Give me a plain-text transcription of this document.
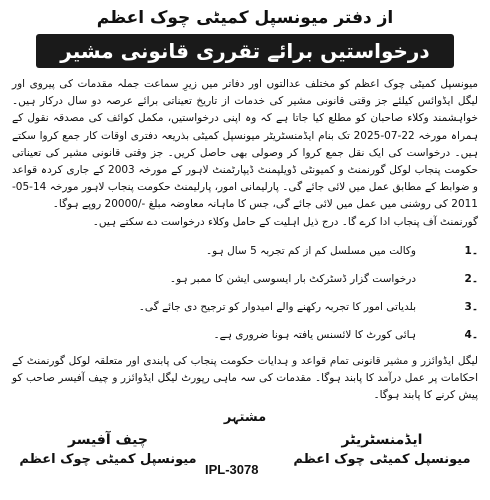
از دفتر میونسپل کمیٹی چوک اعظم
درخواستیں برائے تقرری قانونی مشیر

میونسپل کمیٹی چوک اعظم کو مختلف عدالتوں اور دفاتر میں زیرِ سماعت جملہ مقدمات کی پیروی اور لیگل ایڈوائس کیلئے جز وقتی قانونی مشیر کی خدمات از تاریخ تعیناتی برائے عرصہ دو سال درکار ہیں۔ خواہشمند وکلاء صاحبان کو مطلع کیا جاتا ہے کہ وہ اپنی درخواستیں، مکمل کوائف کی مصدقہ نقول کے ہمراہ مورخہ 22-07-2025 تک بنام ایڈمنسٹریٹر میونسپل کمیٹی بذریعہ دفتری اوقات کار جمع کروا سکتے ہیں۔ درخواست کی ایک نقل جمع کروا کر وصولی بھی حاصل کریں۔ جز وقتی قانونی مشیر کی تعیناتی حکومت پنجاب لوکل گورنمنٹ و کمیونٹی ڈویلپمنٹ ڈیپارٹمنٹ لاہور کے مورخہ 2003 کے جاری کردہ قواعد و ضوابط کے مطابق عمل میں لائی جائے گی۔ پارلیمانی امور، پارلیمنٹ حکومت پنجاب لاہور مورخہ 14-05-2011 کی روشنی میں عمل میں لائی جائے گی، جس کا ماہانہ معاوضہ مبلغ -/20000 روپے ہوگا۔

گورنمنٹ آف پنجاب ادا کرے گا۔ درج ذیل اہلیت کے حامل وکلاء درخواست دے سکتے ہیں۔

1۔
وکالت میں مسلسل کم از کم تجربہ 5 سال ہو۔
2۔
درخواست گزار ڈسٹرکٹ بار ایسوسی ایشن کا ممبر ہو۔
3۔
بلدیاتی امور کا تجربہ رکھنے والے امیدوار کو ترجیح دی جائے گی۔
4۔
ہائی کورٹ کا لائسنس یافتہ ہونا ضروری ہے۔
لیگل ایڈوائزر و مشیر قانونی تمام قواعد و ہدایات حکومت پنجاب کی پابندی اور متعلقہ لوکل گورنمنٹ کے احکامات پر عمل درآمد کا پابند ہوگا۔ مقدمات کی سہ ماہی رپورٹ لیگل ایڈوائزر و چیف آفیسر صاحب کو پیش کرنے کا پابند ہوگا۔
مشتہر
ایڈمنسٹریٹر
میونسپل کمیٹی چوک اعظم
چیف آفیسر
میونسپل کمیٹی چوک اعظم
IPL-3078
